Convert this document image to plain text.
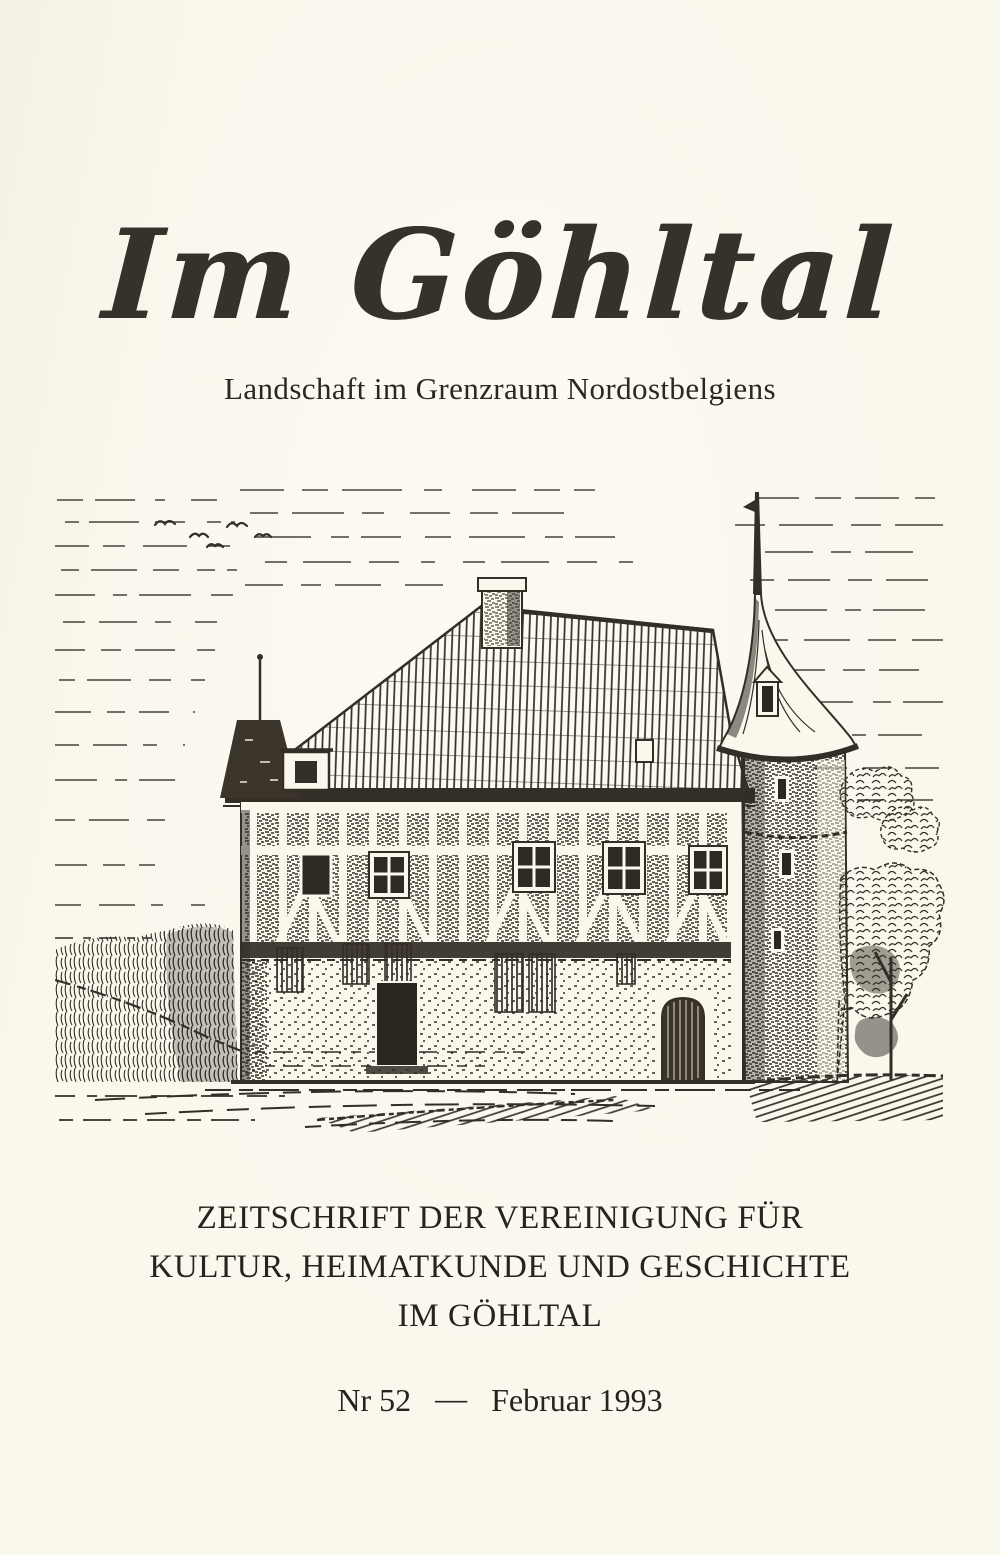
Im Göhltal

Landschaft im Grenzraum Nordostbelgiens

ZEITSCHRIFT DER VEREINIGUNG FÜR
KULTUR, HEIMATKUNDE UND GESCHICHTE
IM GÖHLTAL
Nr 52 — Februar 1993
